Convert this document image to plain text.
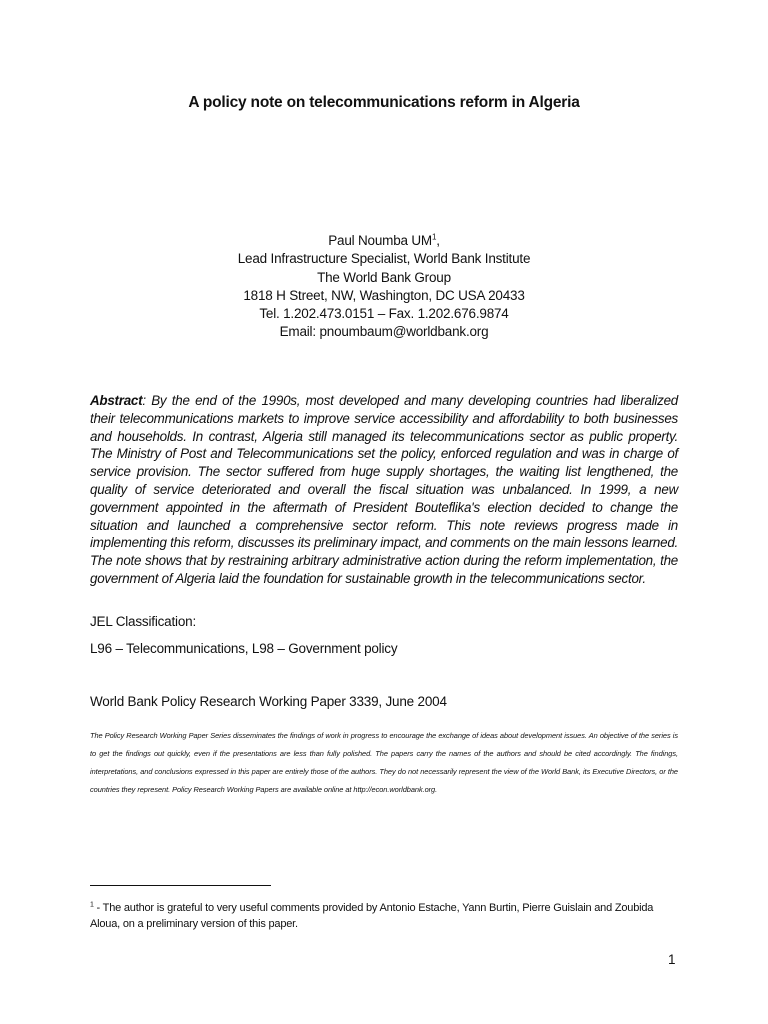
A policy note on telecommunications reform in Algeria
Paul Noumba $UM^1$,
Lead Infrastructure Specialist, World Bank Institute
The World Bank Group
1818 H Street, NW, Washington, DC USA 20433
Tel. 1.202.473.0151 – Fax. 1.202.676.9874
Email: pnoumbaum@worldbank.org
Abstract: By the end of the 1990s, most developed and many developing countries had liberalized their telecommunications markets to improve service accessibility and affordability to both businesses and households. In contrast, Algeria still managed its telecommunications sector as public property. The Ministry of Post and Telecommunications set the policy, enforced regulation and was in charge of service provision. The sector suffered from huge supply shortages, the waiting list lengthened, the quality of service deteriorated and overall the fiscal situation was unbalanced. In 1999, a new government appointed in the aftermath of President Bouteflika's election decided to change the situation and launched a comprehensive sector reform. This note reviews progress made in implementing this reform, discusses its preliminary impact, and comments on the main lessons learned. The note shows that by restraining arbitrary administrative action during the reform implementation, the government of Algeria laid the foundation for sustainable growth in the telecommunications sector.
JEL Classification:
L96 – Telecommunications, L98 – Government policy
World Bank Policy Research Working Paper 3339, June 2004
The Policy Research Working Paper Series disseminates the findings of work in progress to encourage the exchange of ideas about development issues. An objective of the series is to get the findings out quickly, even if the presentations are less than fully polished. The papers carry the names of the authors and should be cited accordingly. The findings, interpretations, and conclusions expressed in this paper are entirely those of the authors. They do not necessarily represent the view of the World Bank, its Executive Directors, or the countries they represent. Policy Research Working Papers are available online at http://econ.worldbank.org.
$^1$ - The author is grateful to very useful comments provided by Antonio Estache, Yann Burtin, Pierre Guislain and Zoubida Aloua, on a preliminary version of this paper.
1
